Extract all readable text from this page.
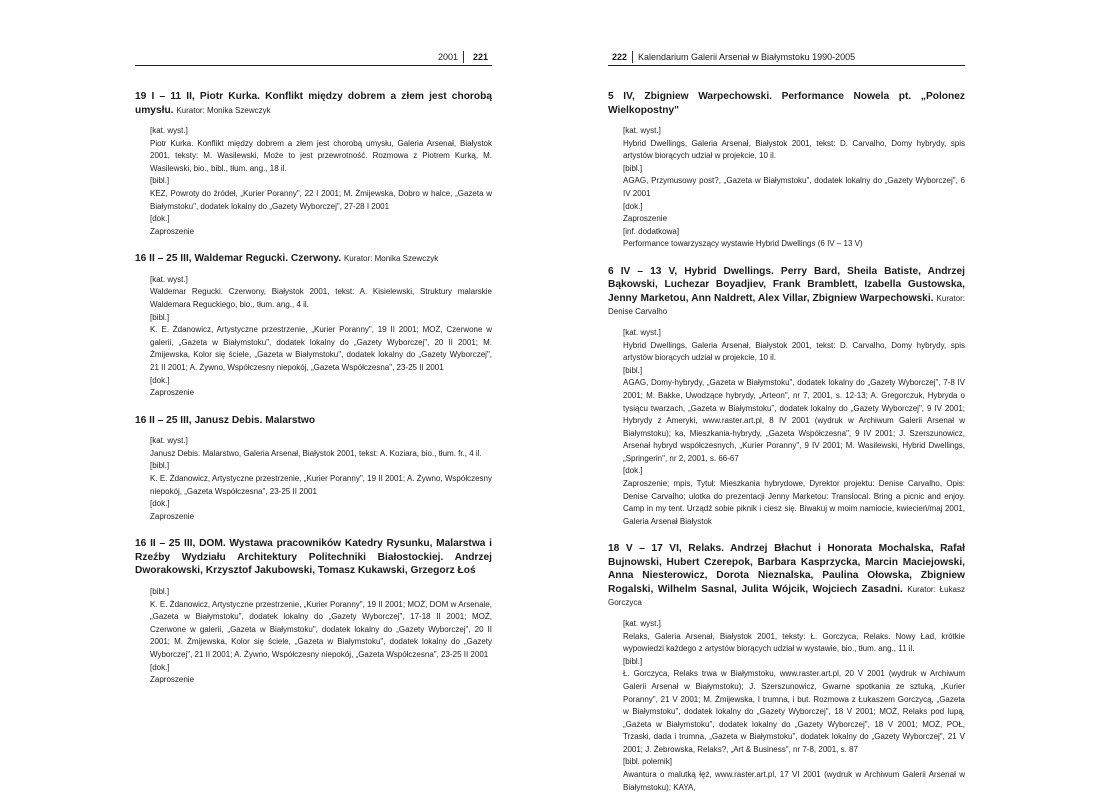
2001 221
19 I – 11 II, Piotr Kurka. Konflikt między dobrem a złem jest chorobą umysłu. Kurator: Monika Szewczyk

[kat. wyst.]

Piotr Kurka. Konflikt między dobrem a złem jest chorobą umysłu, Galeria Arsenał, Białystok 2001, teksty: M. Wasilewski, Może to jest przewrotność. Rozmowa z Piotrem Kurką, M. Wasilewski, bio., bibl., tłum. ang., 18 il.

[bibl.]

KEZ, Powroty do źródeł, „Kurier Poranny", 22 I 2001; M. Żmijewska, Dobro w halce, „Gazeta w Białymstoku", dodatek lokalny do „Gazety Wyborczej", 27-28 I 2001

[dok.]

Zaproszenie

16 II – 25 III, Waldemar Regucki. Czerwony. Kurator: Monika Szewczyk

[kat. wyst.]

Waldemar Regucki. Czerwony, Białystok 2001, tekst: A. Kisielewski, Struktury malarskie Waldemara Reguckiego, bio., tłum. ang., 4 il.

[bibl.]

K. E. Żdanowicz, Artystyczne przestrzenie, „Kurier Poranny", 19 II 2001; MOŻ, Czerwone w galerii, „Gazeta w Białymstoku", dodatek lokalny do „Gazety Wyborczej", 20 II 2001; M. Żmijewska, Kolor się ściele, „Gazeta w Białymstoku", dodatek lokalny do „Gazety Wyborczej", 21 II 2001; A. Żywno, Współczesny niepokój, „Gazeta Współczesna", 23-25 II 2001

[dok.]

Zaproszenie

16 II – 25 III, Janusz Debis. Malarstwo

[kat. wyst.]

Janusz Debis. Malarstwo, Galeria Arsenał, Białystok 2001, tekst: A. Koziara, bio., tłum. fr., 4 il.

[bibl.]

K. E. Żdanowicz, Artystyczne przestrzenie, „Kurier Poranny", 19 II 2001; A. Żywno, Współczesny niepokój, „Gazeta Współczesna", 23-25 II 2001

[dok.]

Zaproszenie

16 II – 25 III, DOM. Wystawa pracowników Katedry Rysunku, Malarstwa i Rzeźby Wydziału Architektury Politechniki Białostockiej. Andrzej Dworakowski, Krzysztof Jakubowski, Tomasz Kukawski, Grzegorz Łoś

[bibl.]

K. E. Żdanowicz, Artystyczne przestrzenie, „Kurier Poranny", 19 II 2001; MOŻ, DOM w Arsenale, „Gazeta w Białymstoku", dodatek lokalny do „Gazety Wyborczej", 17-18 II 2001; MOŻ, Czerwone w galerii, „Gazeta w Białymstoku", dodatek lokalny do „Gazety Wyborczej", 20 II 2001; M. Żmijewska, Kolor się ściele, „Gazeta w Białymstoku", dodatek lokalny do „Gazety Wyborczej", 21 II 2001; A. Żywno, Współczesny niepokój, „Gazeta Współczesna", 23-25 II 2001

[dok.]

Zaproszenie

222 Kalendarium Galerii Arsenał w Białymstoku 1990-2005
5 IV, Zbigniew Warpechowski. Performance Nowela pt. „Polonez Wielkopostny"

[kat. wyst.]

Hybrid Dwellings, Galeria Arsenał, Białystok 2001, tekst: D. Carvalho, Domy hybrydy, spis artystów biorących udział w projekcie, 10 il.

[bibl.]

AGAG, Przymusowy post?, „Gazeta w Białymstoku", dodatek lokalny do „Gazety Wyborczej", 6 IV 2001

[dok.]

Zaproszenie

[inf. dodatkowa]

Performance towarzyszący wystawie Hybrid Dwellings (6 IV – 13 V)

6 IV – 13 V, Hybrid Dwellings. Perry Bard, Sheila Batiste, Andrzej Bąkowski, Luchezar Boyadjiev, Frank Bramblett, Izabella Gustowska, Jenny Marketou, Ann Naldrett, Alex Villar, Zbigniew Warpechowski. Kurator: Denise Carvalho

[kat. wyst.]

Hybrid Dwellings, Galeria Arsenał, Białystok 2001, tekst: D. Carvalho, Domy hybrydy, spis artystów biorących udział w projekcie, 10 il.

[bibl.]

AGAG, Domy-hybrydy, „Gazeta w Białymstoku", dodatek lokalny do „Gazety Wyborczej", 7-8 IV 2001; M. Bakke, Uwodzące hybrydy, „Arteon", nr 7, 2001, s. 12-13; A. Gregorczuk, Hybryda o tysiącu twarzach, „Gazeta w Białymstoku", dodatek lokalny do „Gazety Wyborczej", 9 IV 2001; Hybrydy z Ameryki, www.raster.art.pl, 8 IV 2001 (wydruk w Archiwum Galerii Arsenał w Białymstoku); ka, Mieszkania-hybrydy, „Gazeta Współczesna", 9 IV 2001; J. Szerszunowicz, Arsenał hybryd współczesnych, „Kurier Poranny", 9 IV 2001; M. Wasilewski, Hybrid Dwellings, „Springerin", nr 2, 2001, s. 66-67

[dok.]

Zaproszenie; mpis, Tytuł: Mieszkania hybrydowe, Dyrektor projektu: Denise Carvalho, Opis: Denise Carvalho; ulotka do prezentacji Jenny Marketou: Translocal. Bring a picnic and enjoy. Camp in my tent. Urządź sobie piknik i ciesz się. Biwakuj w moim namiocie, kwiecień/maj 2001, Galeria Arsenał Białystok

18 V – 17 VI, Relaks. Andrzej Błachut i Honorata Mochalska, Rafał Bujnowski, Hubert Czerepok, Barbara Kasprzycka, Marcin Maciejowski, Anna Niesterowicz, Dorota Nieznalska, Paulina Ołowska, Zbigniew Rogalski, Wilhelm Sasnal, Julita Wójcik, Wojciech Zasadni. Kurator: Łukasz Gorczyca

[kat. wyst.]

Relaks, Galeria Arsenał, Białystok 2001, teksty: Ł. Gorczyca, Relaks. Nowy Ład, krótkie wypowiedzi każdego z artystów biorących udział w wystawie, bio., tłum. ang., 11 il.

[bibl.]

Ł. Gorczyca, Relaks trwa w Białymstoku, www.raster.art.pl, 20 V 2001 (wydruk w Archiwum Galerii Arsenał w Białymstoku); J. Szerszunowicz, Gwarne spotkania ze sztuką, „Kurier Poranny", 21 V 2001; M. Żmijewska, I trumna, i but. Rozmowa z Łukaszem Gorczycą, „Gazeta w Białymstoku", dodatek lokalny do „Gazety Wyborczej", 18 V 2001; MOŻ, Relaks pod lupą, „Gazeta w Białymstoku", dodatek lokalny do „Gazety Wyborczej", 18 V 2001; MOŻ, POŁ, Trzaski, dada i trumna, „Gazeta w Białymstoku", dodatek lokalny do „Gazety Wyborczej", 21 V 2001; J. Żebrowska, Relaks?, „Art & Business", nr 7-8, 2001, s. 87

[bibl. polemik]

Awantura o malutką łęż, www.raster.art.pl, 17 VI 2001 (wydruk w Archiwum Galerii Arsenał w Białymstoku); KAYA,
